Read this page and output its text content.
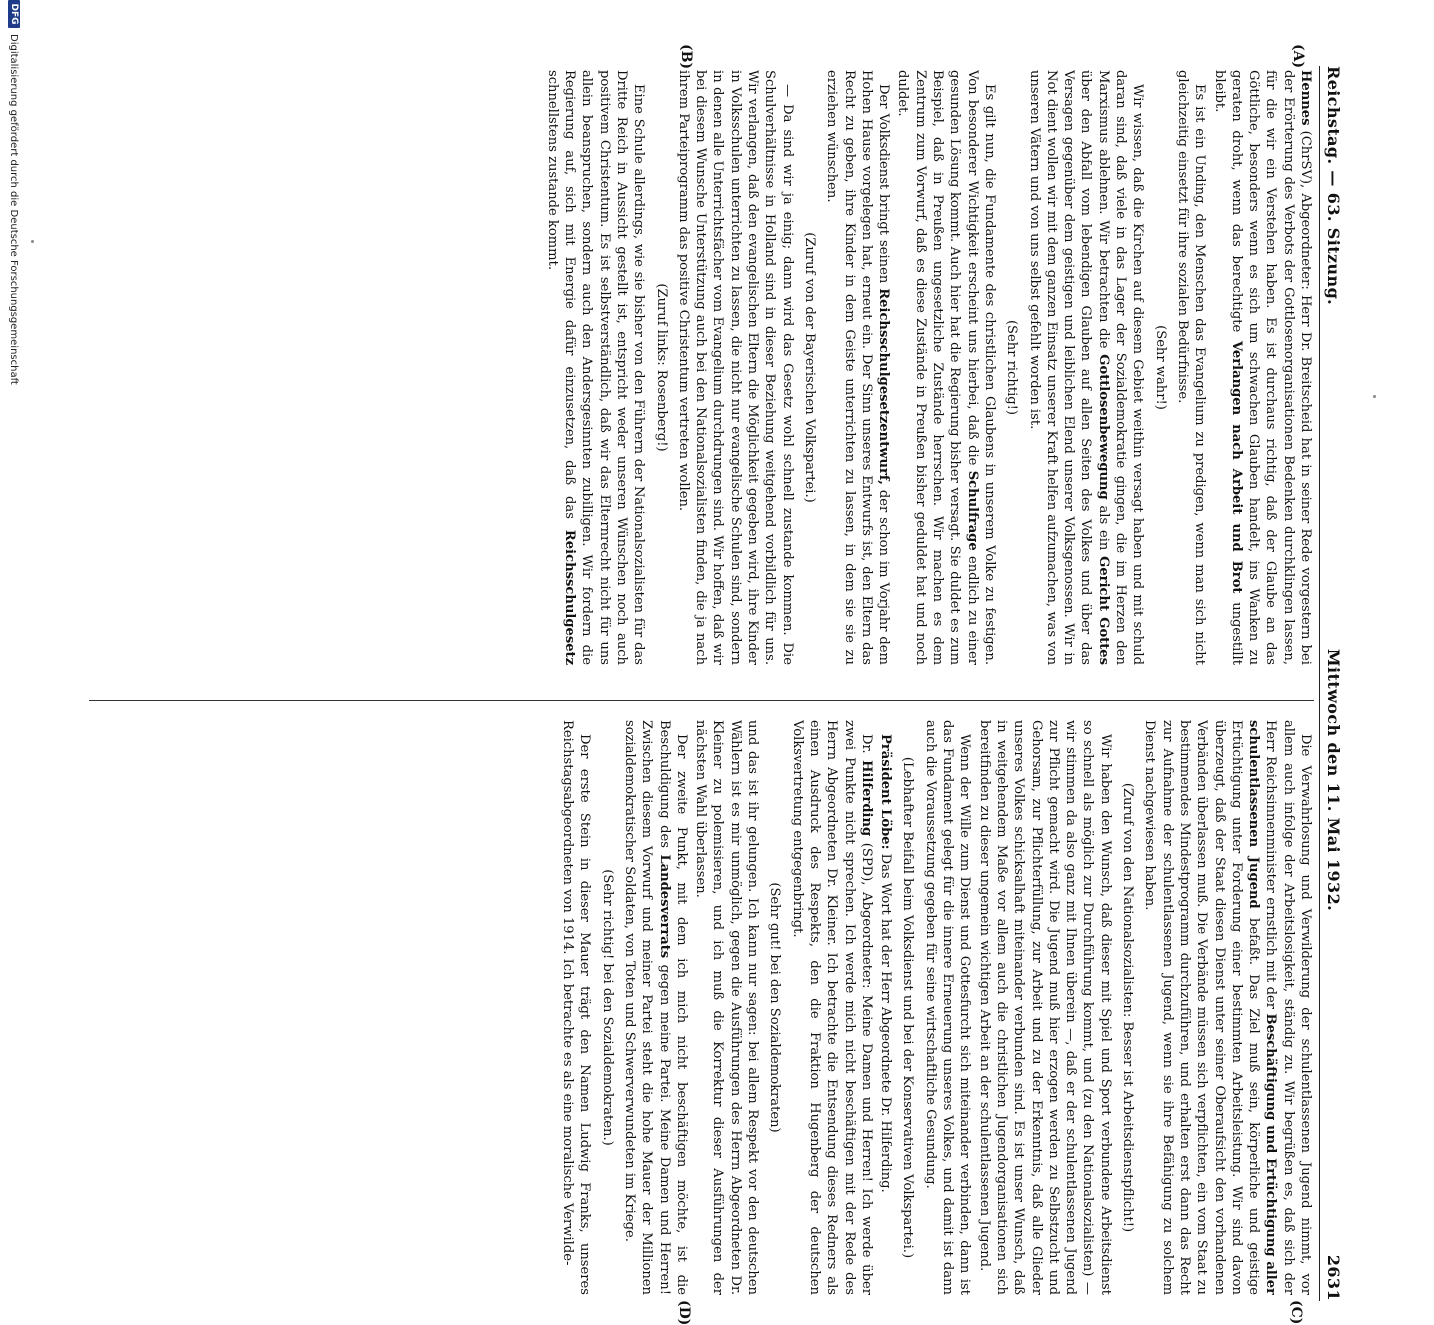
Reichstag. — 63. Sitzung.
Mittwoch den 11. Mai 1932.
2631
(A)
(B)
(C)
(D)

Hennes (ChrSV), Abgeordneter: Herr Dr. Breitscheid hat in seiner Rede vorgestern bei der Erörterung des Verbots der Gottlosenorganisationen Bedenken durchklingen lassen, für die wir ein Verstehen haben. Es ist durchaus richtig, daß der Glaube an das Göttliche, besonders wenn es sich um schwachen Glauben handelt, ins Wanken zu geraten droht, wenn das berechtigte Verlangen nach Arbeit und Brot ungestillt bleibt.

Es ist ein Unding, den Menschen das Evangelium zu predigen, wenn man sich nicht gleichzeitig einsetzt für ihre sozialen Bedürfnisse.

(Sehr wahr!)

Wir wissen, daß die Kirchen auf diesem Gebiet weithin versagt haben und mit schuld daran sind, daß viele in das Lager der Sozialdemokratie gingen, die im Herzen den Marxismus ablehnen. Wir betrachten die Gottlosenbewegung als ein Gericht Gottes über den Abfall vom lebendigen Glauben auf allen Seiten des Volkes und über das Versagen gegenüber dem geistigen und leiblichen Elend unserer Volksgenossen. Wir in Not dient wollen wir mit dem ganzen Einsatz unserer Kraft helfen aufzumachen, was von unseren Vätern und von uns selbst gefehlt worden ist.

(Sehr richtig!)

Es gilt nun, die Fundamente des christlichen Glaubens in unserem Volke zu festigen. Von besonderer Wichtigkeit erscheint uns hierbei, daß die Schulfrage endlich zu einer gesunden Lösung kommt. Auch hier hat die Regierung bisher versagt. Sie duldet es zum Beispiel, daß in Preußen ungesetzliche Zustände herrschen. Wir machen es dem Zentrum zum Vorwurf, daß es diese Zustände in Preußen bisher geduldet hat und noch duldet.

Der Volksdienst bringt seinen Reichsschulgesetzentwurf, der schon im Vorjahr dem Hohen Hause vorgelegen hat, erneut ein. Der Sinn unseres Entwurfs ist, den Eltern das Recht zu geben, ihre Kinder in dem Geiste unterrichten zu lassen, in dem sie sie zu erziehen wünschen.

(Zuruf von der Bayerischen Volkspartei.)

— Da sind wir ja einig; dann wird das Gesetz wohl schnell zustande kommen. Die Schulverhältnisse in Holland sind in dieser Beziehung weitgehend vorbildlich für uns. Wir verlangen, daß den evangelischen Eltern die Möglichkeit gegeben wird, ihre Kinder in Volksschulen unterrichten zu lassen, die nicht nur evangelische Schulen sind, sondern in denen alle Unterrichtsfächer vom Evangelium durchdrungen sind. Wir hoffen, daß wir bei diesem Wunsche Unterstützung auch bei den Nationalsozialisten finden, die ja nach ihrem Parteiprogramm das positive Christentum vertreten wollen.

(Zuruf links: Rosenberg!)

Eine Schule allerdings, wie sie bisher von den Führern der Nationalsozialisten für das Dritte Reich in Aussicht gestellt ist, entspricht weder unseren Wünschen noch auch positivem Christentum. Es ist selbstverständlich, daß wir das Elternrecht nicht für uns allein beanspruchen, sondern auch den Andersgesinnten zubilligen. Wir fordern die Regierung auf, sich mit Energie dafür einzusetzen, daß das Reichsschulgesetz schnellstens zustande kommt.

Die Verwahrlosung und Verwilderung der schulentlassenen Jugend nimmt, vor allem auch infolge der Arbeitslosigkeit, ständig zu. Wir begrüßen es, daß sich der Herr Reichsinnenminister ernstlich mit der Beschäftigung und Ertüchtigung aller schulentlassenen Jugend befaßt. Das Ziel muß sein, körperliche und geistige Ertüchtigung unter Forderung einer bestimmten Arbeitsleistung. Wir sind davon überzeugt, daß der Staat diesen Dienst unter seiner Oberaufsicht den vorhandenen Verbänden überlassen muß. Die Verbände müssen sich verpflichten, ein vom Staat zu bestimmendes Mindestprogramm durchzuführen, und erhalten erst dann das Recht zur Aufnahme der schulentlassenen Jugend, wenn sie ihre Befähigung zu solchem Dienst nachgewiesen haben.

(Zuruf von den Nationalsozialisten: Besser ist Arbeitsdienstpflicht!)

Wir haben den Wunsch, daß dieser mit Spiel und Sport verbundene Arbeitsdienst so schnell als möglich zur Durchführung kommt, und (zu den Nationalsozialisten) — wir stimmen da also ganz mit Ihnen überein —, daß er der schulentlassenen Jugend zur Pflicht gemacht wird. Die Jugend muß hier erzogen werden zu Selbstzucht und Gehorsam, zur Pflichterfüllung, zur Arbeit und zu der Erkenntnis, daß alle Glieder unseres Volkes schicksalhaft miteinander verbunden sind. Es ist unser Wunsch, daß in weitgehendem Maße vor allem auch die christlichen Jugendorganisationen sich bereitfinden zu dieser ungemein wichtigen Arbeit an der schulentlassenen Jugend.

Wenn der Wille zum Dienst und Gottesfurcht sich miteinander verbinden, dann ist das Fundament gelegt für die innere Erneuerung unseres Volkes, und damit ist dann auch die Voraussetzung gegeben für seine wirtschaftliche Gesundung.

(Lebhafter Beifall beim Volksdienst und bei der Konservativen Volkspartei.)

Präsident Löbe: Das Wort hat der Herr Abgeordnete Dr. Hilferding.

Dr. Hilferding (SPD), Abgeordneter: Meine Damen und Herren! Ich werde über zwei Punkte nicht sprechen. Ich werde mich nicht beschäftigen mit der Rede des Herrn Abgeordneten Dr. Kleiner. Ich betrachte die Entsendung dieses Redners als einen Ausdruck des Respekts, den die Fraktion Hugenberg der deutschen Volksvertretung entgegenbringt.

(Sehr gut! bei den Sozialdemokraten)

und das ist ihr gelungen. Ich kann nur sagen: bei allem Respekt vor den deutschen Wählern ist es mir unmöglich, gegen die Ausführungen des Herrn Abgeordneten Dr. Kleiner zu polemisieren, und ich muß die Korrektur dieser Ausführungen der nächsten Wahl überlassen.

Der zweite Punkt, mit dem ich mich nicht beschäftigen möchte, ist die Beschuldigung des Landesverrats gegen meine Partei. Meine Damen und Herren! Zwischen diesem Vorwurf und meiner Partei steht die hohe Mauer der Millionen sozialdemokratischer Soldaten, von Toten und Schwerverwundeten im Kriege.

(Sehr richtig! bei den Sozialdemokraten.)

Der erste Stein in dieser Mauer trägt den Namen Ludwig Franks, unseres Reichstagsabgeordneten von 1914. Ich betrachte es als eine moralische Verwilde-

DFG
Digitalisierung gefördert durch die Deutsche Forschungsgemeinschaft
